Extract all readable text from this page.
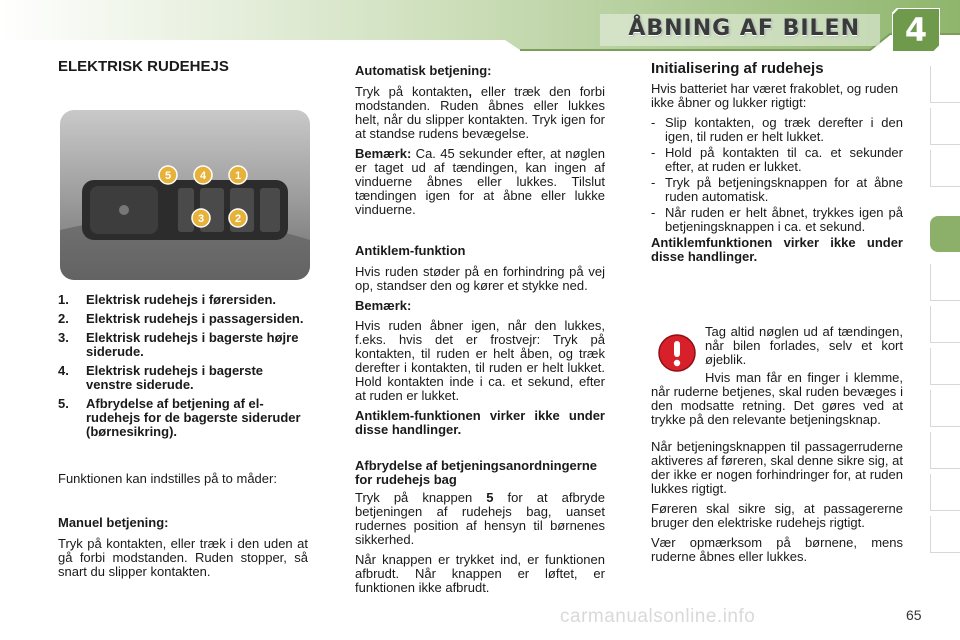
ÅBNING AF BILEN	4
ELEKTRISK RUDEHEJS
5	4	1
3	2
1.	Elektrisk rudehejs i førersiden.
2.	Elektrisk rudehejs i passagersiden.
3.	Elektrisk rudehejs i bagerste højre siderude.
4.	Elektrisk rudehejs i bagerste venstre siderude.
5.	Afbrydelse af betjening af el-rudehejs for de bagerste sideruder (børnesikring).

Funktionen kan indstilles på to måder:

Manuel betjening:

Tryk på kontakten, eller træk i den uden at gå forbi modstanden. Ruden stopper, så snart du slipper kontakten.

Automatisk betjening:

Tryk på kontakten, eller træk den forbi modstanden. Ruden åbnes eller lukkes helt, når du slipper kontakten. Tryk igen for at standse rudens bevægelse.

Bemærk: Ca. 45 sekunder efter, at nøglen er taget ud af tændingen, kan ingen af vinduerne åbnes eller lukkes. Tilslut tændingen igen for at åbne eller lukke vinduerne.

Antiklem-funktion

Hvis ruden støder på en forhindring på vej op, standser den og kører et stykke ned.

Bemærk:

Hvis ruden åbner igen, når den lukkes, f.eks. hvis det er frostvejr: Tryk på kontakten, til ruden er helt åben, og træk derefter i kontakten, til ruden er helt lukket. Hold kontakten inde i ca. et sekund, efter at ruden er lukket.

Antiklem-funktionen virker ikke under disse handlinger.

Afbrydelse af betjeningsanordningerne for rudehejs bag

Tryk på knappen 5 for at afbryde betjeningen af rudehejs bag, uanset rudernes position af hensyn til børnenes sikkerhed.

Når knappen er trykket ind, er funktionen afbrudt. Når knappen er løftet, er funktionen ikke afbrudt.

Initialisering af rudehejs

Hvis batteriet har været frakoblet, og ruden ikke åbner og lukker rigtigt:

- Slip kontakten, og træk derefter i den igen, til ruden er helt lukket.
- Hold på kontakten til ca. et sekunder efter, at ruden er lukket.
- Tryk på betjeningsknappen for at åbne ruden automatisk.
- Når ruden er helt åbnet, trykkes igen på betjeningsknappen i ca. et sekund.

Antiklemfunktionen virker ikke under disse handlinger.

Tag altid nøglen ud af tændingen, når bilen forlades, selv et kort øjeblik.

Hvis man får en finger i klemme, når ruderne betjenes, skal ruden bevæges i den modsatte retning. Det gøres ved at trykke på den relevante betjeningsknap.

Når betjeningsknappen til passagerruderne aktiveres af føreren, skal denne sikre sig, at der ikke er nogen forhindringer for, at ruden lukkes rigtigt.

Føreren skal sikre sig, at passagererne bruger den elektriske rudehejs rigtigt.

Vær opmærksom på børnene, mens ruderne åbnes eller lukkes.

carmanualsonline.info	65
